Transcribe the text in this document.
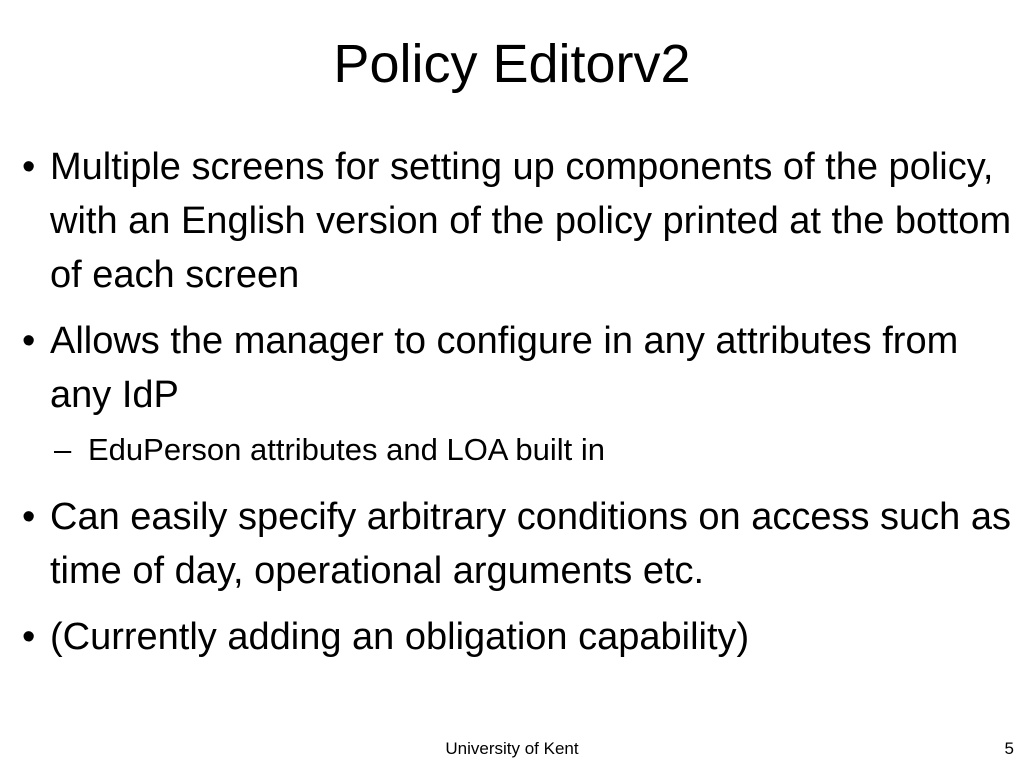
Policy Editorv2
• Multiple screens for setting up components of the policy, with an English version of the policy printed at the bottom of each screen
• Allows the manager to configure in any attributes from any IdP
– EduPerson attributes and LOA built in
• Can easily specify arbitrary conditions on access such as time of day, operational arguments etc.
• (Currently adding an obligation capability)
University of Kent	5
